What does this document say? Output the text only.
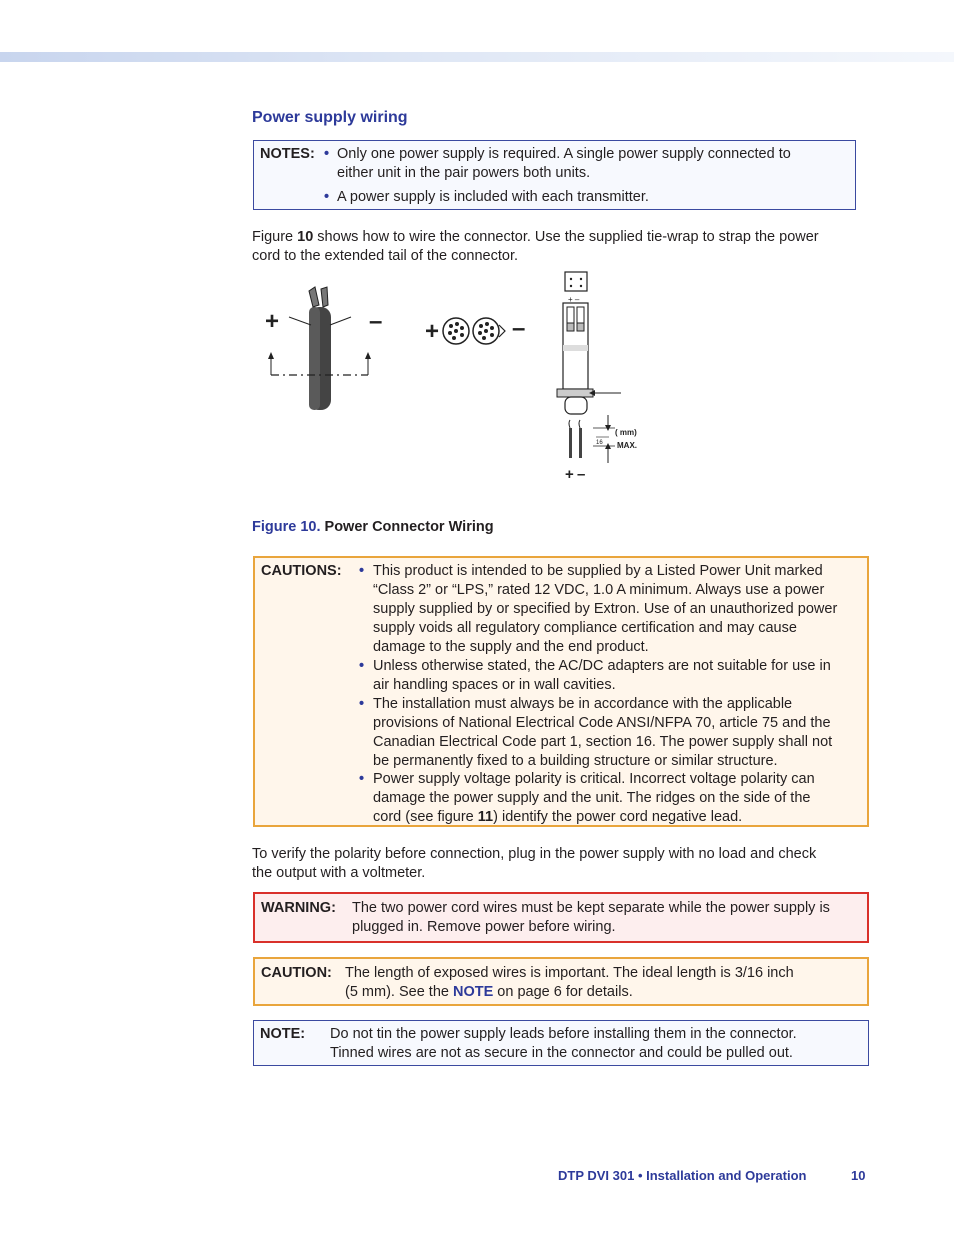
Power supply wiring
NOTES: • Only one power supply is required. A single power supply connected to
either unit in the pair powers both units.
• A power supply is included with each transmitter.

Figure 10 shows how to wire the connector. Use the supplied tie-wrap to strap the power

cord to the extended tail of the connector.

+	– +	–
+ –
16
( mm)
MAX.
+ –
Figure 10. Power Connector Wiring
CAUTIONS: • This product is intended to be supplied by a Listed Power Unit marked
“Class 2” or “LPS,” rated 12 VDC, 1.0 A minimum. Always use a power
supply supplied by or specified by Extron. Use of an unauthorized power
supply voids all regulatory compliance certification and may cause
damage to the supply and the end product.
• Unless otherwise stated, the AC/DC adapters are not suitable for use in
air handling spaces or in wall cavities.
• The installation must always be in accordance with the applicable
provisions of National Electrical Code ANSI/NFPA 70, article 75 and the
Canadian Electrical Code part 1, section 16. The power supply shall not
be permanently fixed to a building structure or similar structure.
• Power supply voltage polarity is critical. Incorrect voltage polarity can
damage the power supply and the unit. The ridges on the side of the
cord (see figure 11) identify the power cord negative lead.

To verify the polarity before connection, plug in the power supply with no load and check

the output with a voltmeter.

WARNING: The two power cord wires must be kept separate while the power supply is
plugged in. Remove power before wiring.
CAUTION: The length of exposed wires is important. The ideal length is 3/16 inch
(5 mm). See the NOTE on page 6 for details.
NOTE: Do not tin the power supply leads before installing them in the connector.
Tinned wires are not as secure in the connector and could be pulled out.
DTP DVI 301 • Installation and Operation	10
